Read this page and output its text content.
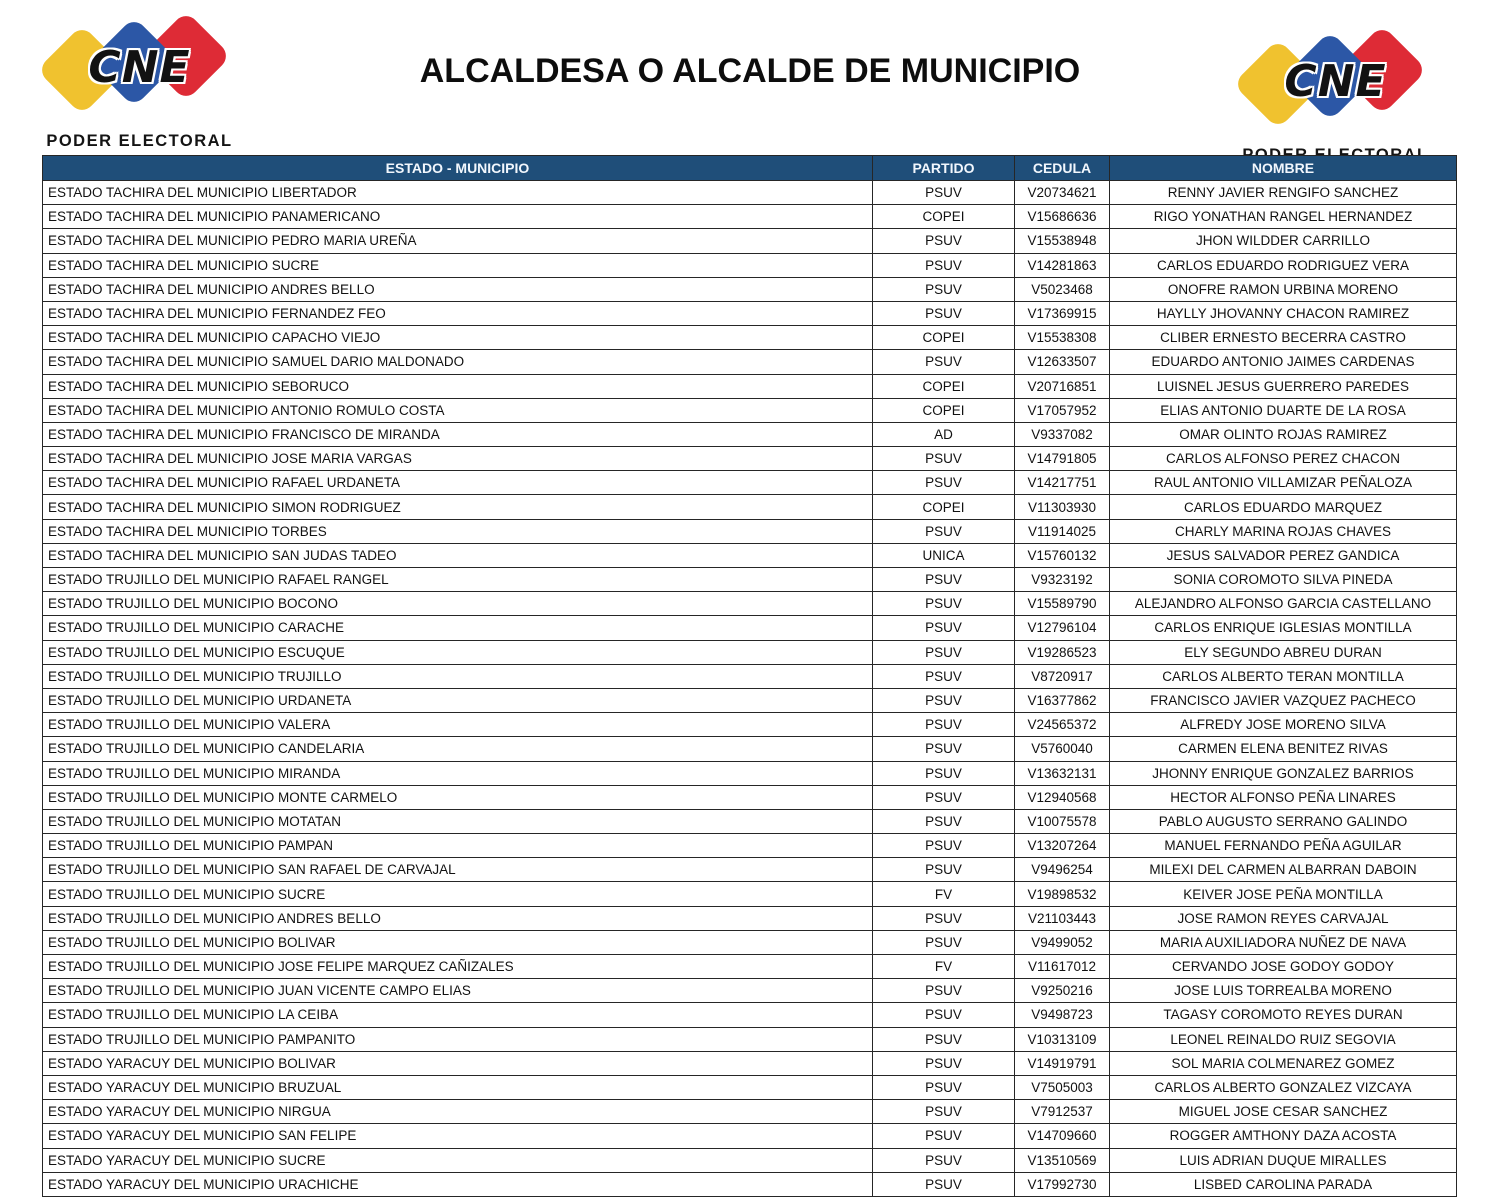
CNE
PODER ELECTORAL
ALCALDESA O ALCALDE DE MUNICIPIO	CNE
ESTADO - MUNICIPIO	PARTIDO	CEDULA	NOMBRE
ESTADO TACHIRA DEL MUNICIPIO LIBERTADOR	PSUV	V20734621	RENNY JAVIER RENGIFO SANCHEZ
ESTADO TACHIRA DEL MUNICIPIO PANAMERICANO	COPEI	V15686636	RIGO YONATHAN RANGEL HERNANDEZ
ESTADO TACHIRA DEL MUNICIPIO PEDRO MARIA UREÑA	PSUV	V15538948	JHON WILDDER CARRILLO
ESTADO TACHIRA DEL MUNICIPIO SUCRE	PSUV	V14281863	CARLOS EDUARDO RODRIGUEZ VERA
ESTADO TACHIRA DEL MUNICIPIO ANDRES BELLO	PSUV	V5023468	ONOFRE RAMON URBINA MORENO
ESTADO TACHIRA DEL MUNICIPIO FERNANDEZ FEO	PSUV	V17369915	HAYLLY JHOVANNY CHACON RAMIREZ
ESTADO TACHIRA DEL MUNICIPIO CAPACHO VIEJO	COPEI	V15538308	CLIBER ERNESTO BECERRA CASTRO
ESTADO TACHIRA DEL MUNICIPIO SAMUEL DARIO MALDONADO	PSUV	V12633507	EDUARDO ANTONIO JAIMES CARDENAS
ESTADO TACHIRA DEL MUNICIPIO SEBORUCO	COPEI	V20716851	LUISNEL JESUS GUERRERO PAREDES
ESTADO TACHIRA DEL MUNICIPIO ANTONIO ROMULO COSTA	COPEI	V17057952	ELIAS ANTONIO DUARTE DE LA ROSA
ESTADO TACHIRA DEL MUNICIPIO FRANCISCO DE MIRANDA	AD	V9337082	OMAR OLINTO ROJAS RAMIREZ
ESTADO TACHIRA DEL MUNICIPIO JOSE MARIA VARGAS	PSUV	V14791805	CARLOS ALFONSO PEREZ CHACON
ESTADO TACHIRA DEL MUNICIPIO RAFAEL URDANETA	PSUV	V14217751	RAUL ANTONIO VILLAMIZAR PEÑALOZA
ESTADO TACHIRA DEL MUNICIPIO SIMON RODRIGUEZ	COPEI	V11303930	CARLOS EDUARDO MARQUEZ
ESTADO TACHIRA DEL MUNICIPIO TORBES	PSUV	V11914025	CHARLY MARINA ROJAS CHAVES
ESTADO TACHIRA DEL MUNICIPIO SAN JUDAS TADEO	UNICA	V15760132	JESUS SALVADOR PEREZ GANDICA
ESTADO TRUJILLO DEL MUNICIPIO RAFAEL RANGEL	PSUV	V9323192	SONIA COROMOTO SILVA PINEDA
ESTADO TRUJILLO DEL MUNICIPIO BOCONO	PSUV	V15589790	ALEJANDRO ALFONSO GARCIA CASTELLANO
ESTADO TRUJILLO DEL MUNICIPIO CARACHE	PSUV	V12796104	CARLOS ENRIQUE IGLESIAS MONTILLA
ESTADO TRUJILLO DEL MUNICIPIO ESCUQUE	PSUV	V19286523	ELY SEGUNDO ABREU DURAN
ESTADO TRUJILLO DEL MUNICIPIO TRUJILLO	PSUV	V8720917	CARLOS ALBERTO TERAN MONTILLA
ESTADO TRUJILLO DEL MUNICIPIO URDANETA	PSUV	V16377862	FRANCISCO JAVIER VAZQUEZ PACHECO
ESTADO TRUJILLO DEL MUNICIPIO VALERA	PSUV	V24565372	ALFREDY JOSE MORENO SILVA
ESTADO TRUJILLO DEL MUNICIPIO CANDELARIA	PSUV	V5760040	CARMEN ELENA BENITEZ RIVAS
ESTADO TRUJILLO DEL MUNICIPIO MIRANDA	PSUV	V13632131	JHONNY ENRIQUE GONZALEZ BARRIOS
ESTADO TRUJILLO DEL MUNICIPIO MONTE CARMELO	PSUV	V12940568	HECTOR ALFONSO PEÑA LINARES
ESTADO TRUJILLO DEL MUNICIPIO MOTATAN	PSUV	V10075578	PABLO AUGUSTO SERRANO GALINDO
ESTADO TRUJILLO DEL MUNICIPIO PAMPAN	PSUV	V13207264	MANUEL FERNANDO PEÑA AGUILAR
ESTADO TRUJILLO DEL MUNICIPIO SAN RAFAEL DE CARVAJAL	PSUV	V9496254	MILEXI DEL CARMEN ALBARRAN DABOIN
ESTADO TRUJILLO DEL MUNICIPIO SUCRE	FV	V19898532	KEIVER JOSE PEÑA MONTILLA
ESTADO TRUJILLO DEL MUNICIPIO ANDRES BELLO	PSUV	V21103443	JOSE RAMON REYES CARVAJAL
ESTADO TRUJILLO DEL MUNICIPIO BOLIVAR	PSUV	V9499052	MARIA AUXILIADORA NUÑEZ DE NAVA
ESTADO TRUJILLO DEL MUNICIPIO JOSE FELIPE MARQUEZ CAÑIZALES	FV	V11617012	CERVANDO JOSE GODOY GODOY
ESTADO TRUJILLO DEL MUNICIPIO JUAN VICENTE CAMPO ELIAS	PSUV	V9250216	JOSE LUIS TORREALBA MORENO
ESTADO TRUJILLO DEL MUNICIPIO LA CEIBA	PSUV	V9498723	TAGASY COROMOTO REYES DURAN
ESTADO TRUJILLO DEL MUNICIPIO PAMPANITO	PSUV	V10313109	LEONEL REINALDO RUIZ SEGOVIA
ESTADO YARACUY DEL MUNICIPIO BOLIVAR	PSUV	V14919791	SOL MARIA COLMENAREZ GOMEZ
ESTADO YARACUY DEL MUNICIPIO BRUZUAL	PSUV	V7505003	CARLOS ALBERTO GONZALEZ VIZCAYA
ESTADO YARACUY DEL MUNICIPIO NIRGUA	PSUV	V7912537	MIGUEL JOSE CESAR SANCHEZ
ESTADO YARACUY DEL MUNICIPIO SAN FELIPE	PSUV	V14709660	ROGGER AMTHONY DAZA ACOSTA
ESTADO YARACUY DEL MUNICIPIO SUCRE	PSUV	V13510569	LUIS ADRIAN DUQUE MIRALLES
ESTADO YARACUY DEL MUNICIPIO URACHICHE	PSUV	V17992730	LISBED CAROLINA PARADA
